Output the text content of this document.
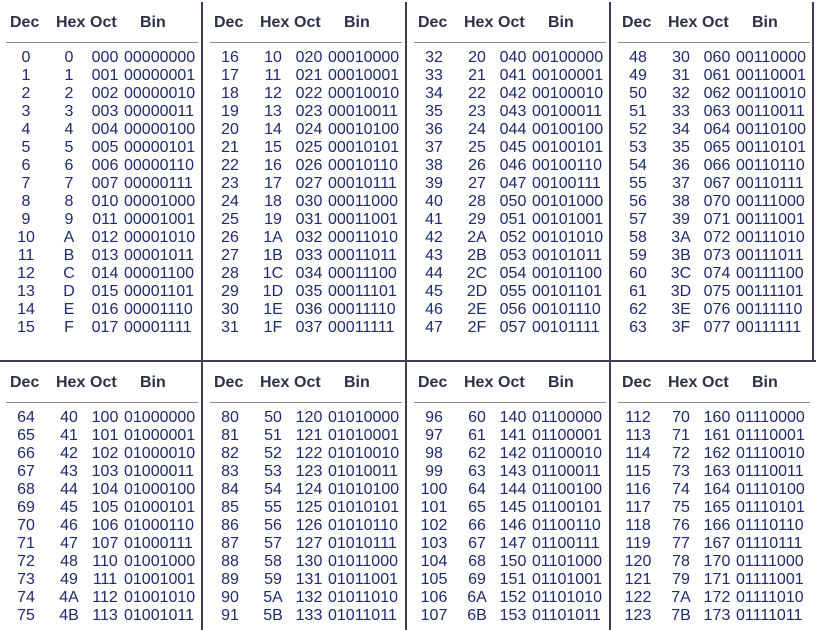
Dec Hex Oct Bin
0	0	000 00000000
1	1	001 00000001
2	2	002 00000010
3	3	003 00000011
4	4	004 00000100
5	5	005 00000101
6	6	006 00000110
7	7	007 00000111
8	8	010 00001000
9	9	011 00001001
10	A	012 00001010
11	B	013 00001011
12	C	014 00001100
13	D	015 00001101
14	E	016 00001110
15	F	017 00001111
Dec Hex Oct Bin
16	10 020 00010000
17	11 021 00010001
18	12 022 00010010
19	13 023 00010011
20	14 024 00010100
21	15 025 00010101
22	16 026 00010110
23	17 027 00010111
24	18 030 00011000
25	19 031 00011001
26	1A 032 00011010
27	1B 033 00011011
28	1C 034 00011100
29	1D 035 00011101
30	1E 036 00011110
31	1F 037 00011111
Dec Hex Oct Bin
32	20 040 00100000
33	21 041 00100001
34	22 042 00100010
35	23 043 00100011
36	24 044 00100100
37	25 045 00100101
38	26 046 00100110
39	27 047 00100111
40	28 050 00101000
41	29 051 00101001
42	2A 052 00101010
43	2B 053 00101011
44	2C 054 00101100
45	2D 055 00101101
46	2E 056 00101110
47	2F 057 00101111
Dec Hex Oct Bin
48	30 060 00110000
49	31 061 00110001
50	32 062 00110010
51	33 063 00110011
52	34 064 00110100
53	35 065 00110101
54	36 066 00110110
55	37 067 00110111
56	38 070 00111000
57	39 071 00111001
58	3A 072 00111010
59	3B 073 00111011
60	3C 074 00111100
61	3D 075 00111101
62	3E 076 00111110
63	3F 077 00111111
Dec Hex Oct Bin
64	40 100 01000000
65	41 101 01000001
66	42 102 01000010
67	43 103 01000011
68	44 104 01000100
69	45 105 01000101
70	46 106 01000110
71	47 107 01000111
72	48 110 01001000
73	49 111 01001001
74	4A 112 01001010
75	4B 113 01001011
Dec Hex Oct Bin
80	50 120 01010000
81	51 121 01010001
82	52 122 01010010
83	53 123 01010011
84	54 124 01010100
85	55 125 01010101
86	56 126 01010110
87	57 127 01010111
88	58 130 01011000
89	59 131 01011001
90	5A 132 01011010
91	5B 133 01011011
Dec Hex Oct Bin
96	60 140 01100000
97	61 141 01100001
98	62 142 01100010
99	63 143 01100011
100	64 144 01100100
101	65 145 01100101
102	66 146 01100110
103	67 147 01100111
104	68 150 01101000
105	69 151 01101001
106	6A 152 01101010
107	6B 153 01101011
Dec Hex Oct Bin
112	70 160 01110000
113	71 161 01110001
114	72 162 01110010
115	73 163 01110011
116	74 164 01110100
117	75 165 01110101
118	76 166 01110110
119	77 167 01110111
120	78 170 01111000
121	79 171 01111001
122	7A 172 01111010
123	7B 173 01111011
